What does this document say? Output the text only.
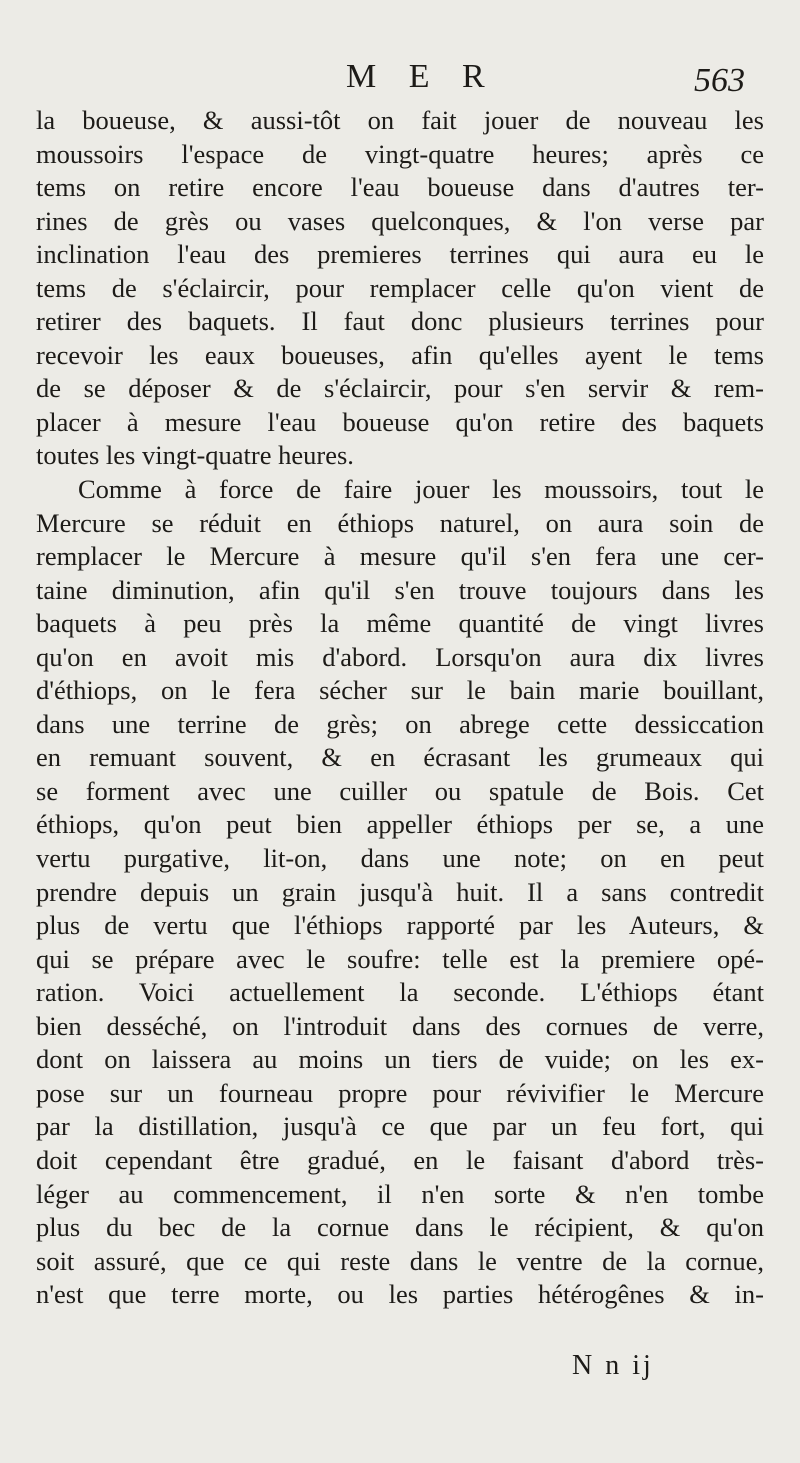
M E R	563
la boueuse, & aussi-tôt on fait jouer de nouveau les
moussoirs l'espace de vingt-quatre heures; après ce
tems on retire encore l'eau boueuse dans d'autres ter-
rines de grès ou vases quelconques, & l'on verse par
inclination l'eau des premieres terrines qui aura eu le
tems de s'éclaircir, pour remplacer celle qu'on vient de
retirer des baquets. Il faut donc plusieurs terrines pour
recevoir les eaux boueuses, afin qu'elles ayent le tems
de se déposer & de s'éclaircir, pour s'en servir & rem-
placer à mesure l'eau boueuse qu'on retire des baquets
toutes les vingt-quatre heures.
Comme à force de faire jouer les moussoirs, tout le
Mercure se réduit en éthiops naturel, on aura soin de
remplacer le Mercure à mesure qu'il s'en fera une cer-
taine diminution, afin qu'il s'en trouve toujours dans les
baquets à peu près la même quantité de vingt livres
qu'on en avoit mis d'abord. Lorsqu'on aura dix livres
d'éthiops, on le fera sécher sur le bain marie bouillant,
dans une terrine de grès; on abrege cette dessiccation
en remuant souvent, & en écrasant les grumeaux qui
se forment avec une cuiller ou spatule de Bois. Cet
éthiops, qu'on peut bien appeller éthiops per se, a une
vertu purgative, lit-on, dans une note; on en peut
prendre depuis un grain jusqu'à huit. Il a sans contredit
plus de vertu que l'éthiops rapporté par les Auteurs, &
qui se prépare avec le soufre: telle est la premiere opé-
ration. Voici actuellement la seconde. L'éthiops étant
bien desséché, on l'introduit dans des cornues de verre,
dont on laissera au moins un tiers de vuide; on les ex-
pose sur un fourneau propre pour révivifier le Mercure
par la distillation, jusqu'à ce que par un feu fort, qui
doit cependant être gradué, en le faisant d'abord très-
léger au commencement, il n'en sorte & n'en tombe
plus du bec de la cornue dans le récipient, & qu'on
soit assuré, que ce qui reste dans le ventre de la cornue,
n'est que terre morte, ou les parties hétérogênes & in-
N n ij
